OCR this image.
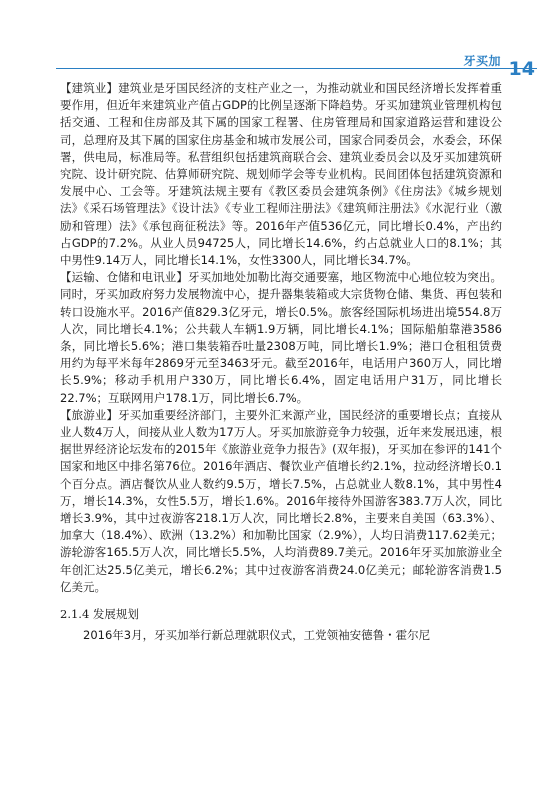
牙买加 14

【建筑业】建筑业是牙国民经济的支柱产业之一，为推动就业和国民经济增长发挥着重要作用，但近年来建筑业产值占GDP的比例呈逐渐下降趋势。牙买加建筑业管理机构包括交通、工程和住房部及其下属的国家工程署、住房管理局和国家道路运营和建设公司，总理府及其下属的国家住房基金和城市发展公司，国家合同委员会，水委会，环保署，供电局，标准局等。私营组织包括建筑商联合会、建筑业委员会以及牙买加建筑研究院、设计研究院、估算师研究院、规划师学会等专业机构。民间团体包括建筑资源和发展中心、工会等。牙建筑法规主要有《教区委员会建筑条例》《住房法》《城乡规划法》《采石场管理法》《设计法》《专业工程师注册法》《建筑师注册法》《水泥行业（激励和管理）法》《承包商征税法》等。2016年产值536亿元，同比增长0.4%，产出约占GDP的7.2%。从业人员94725人，同比增长14.6%，约占总就业人口的8.1%；其中男性9.14万人，同比增长14.1%，女性3300人，同比增长34.7%。

【运输、仓储和电讯业】牙买加地处加勒比海交通要塞，地区物流中心地位较为突出。同时，牙买加政府努力发展物流中心，提升器集装箱或大宗货物仓储、集货、再包装和转口设施水平。2016产值829.3亿牙元，增长0.5%。旅客经国际机场进出境554.8万人次，同比增长4.1%；公共载人车辆1.9万辆，同比增长4.1%；国际船舶靠港3586条，同比增长5.6%；港口集装箱吞吐量2308万吨，同比增长1.9%；港口仓租租赁费用约为每平米每年2869牙元至3463牙元。截至2016年，电话用户360万人，同比增长5.9%；移动手机用户330万，同比增长6.4%，固定电话用户31万，同比增长22.7%；互联网用户178.1万，同比增长6.7%。

【旅游业】牙买加重要经济部门，主要外汇来源产业，国民经济的重要增长点；直接从业人数4万人，间接从业人数为17万人。牙买加旅游竞争力较强，近年来发展迅速，根据世界经济论坛发布的2015年《旅游业竞争力报告》(双年报)，牙买加在参评的141个国家和地区中排名第76位。2016年酒店、餐饮业产值增长约2.1%，拉动经济增长0.1个百分点。酒店餐饮从业人数约9.5万，增长7.5%，占总就业人数8.1%，其中男性4万，增长14.3%，女性5.5万，增长1.6%。2016年接待外国游客383.7万人次，同比增长3.9%，其中过夜游客218.1万人次，同比增长2.8%，主要来自美国（63.3%）、加拿大（18.4%）、欧洲（13.2%）和加勒比国家（2.9%），人均日消费117.62美元；游轮游客165.5万人次，同比增长5.5%，人均消费89.7美元。2016年牙买加旅游业全年创汇达25.5亿美元，增长6.2%；其中过夜游客消费24.0亿美元；邮轮游客消费1.5亿美元。

2.1.4 发展规划

2016年3月，牙买加举行新总理就职仪式，工党领袖安德鲁・霍尔尼
